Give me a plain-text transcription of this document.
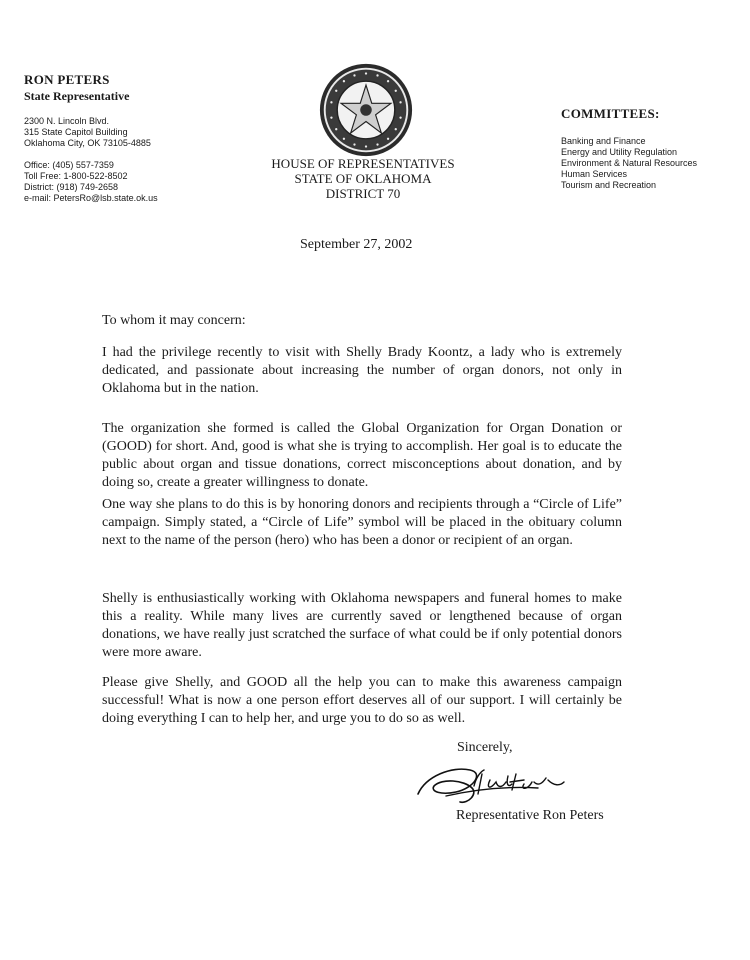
RON PETERS
State Representative
2300 N. Lincoln Blvd.
315 State Capitol Building
Oklahoma City, OK 73105-4885
Office: (405) 557-7359
Toll Free: 1-800-522-8502
District: (918) 749-2658
e-mail: PetersRo@lsb.state.ok.us
HOUSE OF REPRESENTATIVES
STATE OF OKLAHOMA
DISTRICT 70
COMMITTEES:
Banking and Finance
Energy and Utility Regulation
Environment & Natural Resources
Human Services
Tourism and Recreation
September 27, 2002
To whom it may concern:
I had the privilege recently to visit with Shelly Brady Koontz, a lady who is extremely dedicated, and passionate about increasing the number of organ donors, not only in Oklahoma but in the nation.
The organization she formed is called the Global Organization for Organ Donation or (GOOD) for short. And, good is what she is trying to accomplish. Her goal is to educate the public about organ and tissue donations, correct misconceptions about donation, and by doing so, create a greater willingness to donate.
One way she plans to do this is by honoring donors and recipients through a “Circle of Life” campaign. Simply stated, a “Circle of Life” symbol will be placed in the obituary column next to the name of the person (hero) who has been a donor or recipient of an organ.
Shelly is enthusiastically working with Oklahoma newspapers and funeral homes to make this a reality. While many lives are currently saved or lengthened because of organ donations, we have really just scratched the surface of what could be if only potential donors were more aware.
Please give Shelly, and GOOD all the help you can to make this awareness campaign successful! What is now a one person effort deserves all of our support. I will certainly be doing everything I can to help her, and urge you to do so as well.
Sincerely,
Representative Ron Peters
